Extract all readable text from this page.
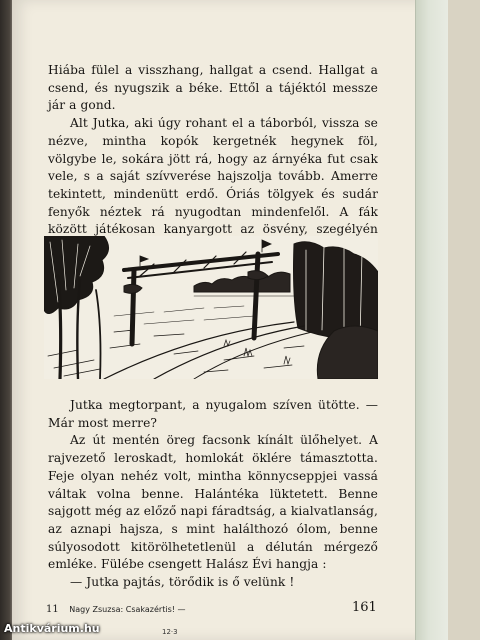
Hiába fülel a visszhang, hallgat a csend. Hallgat a csend, és nyugszik a béke. Ettől a tájéktól messze jár a gond.

Alt Jutka, aki úgy rohant el a táborból, vissza se nézve, mintha kopók kergetnék hegynek föl, völgybe le, sokára jött rá, hogy az árnyéka fut csak vele, s a saját szívverése hajszolja tovább. Amerre tekintett, mindenütt erdő. Óriás tölgyek és sudár fenyők néztek rá nyugodtan mindenfelől. A fák között játékosan kanyargott az ösvény, szegélyén

Jutka megtorpant, a nyugalom szíven ütötte. — Már most merre?

Az út mentén öreg facsonk kínált ülőhelyet. A rajvezető leroskadt, homlokát öklére támasztotta. Feje olyan nehéz volt, mintha könnycseppjei vassá váltak volna benne. Halántéka lüktetett. Benne sajgott még az előző napi fáradtság, a kialvatlanság, az aznapi hajsza, s mint halálthozó ólom, benne súlyosodott kitörölhetetlenül a délután mérgező emléke. Fülébe csengett Halász Évi hangja :

— Jutka pajtás, törődik is ő velünk !

11 Nagy Zsuzsa: Csakazértis! —	161
12·3
Antikvárium.hu
